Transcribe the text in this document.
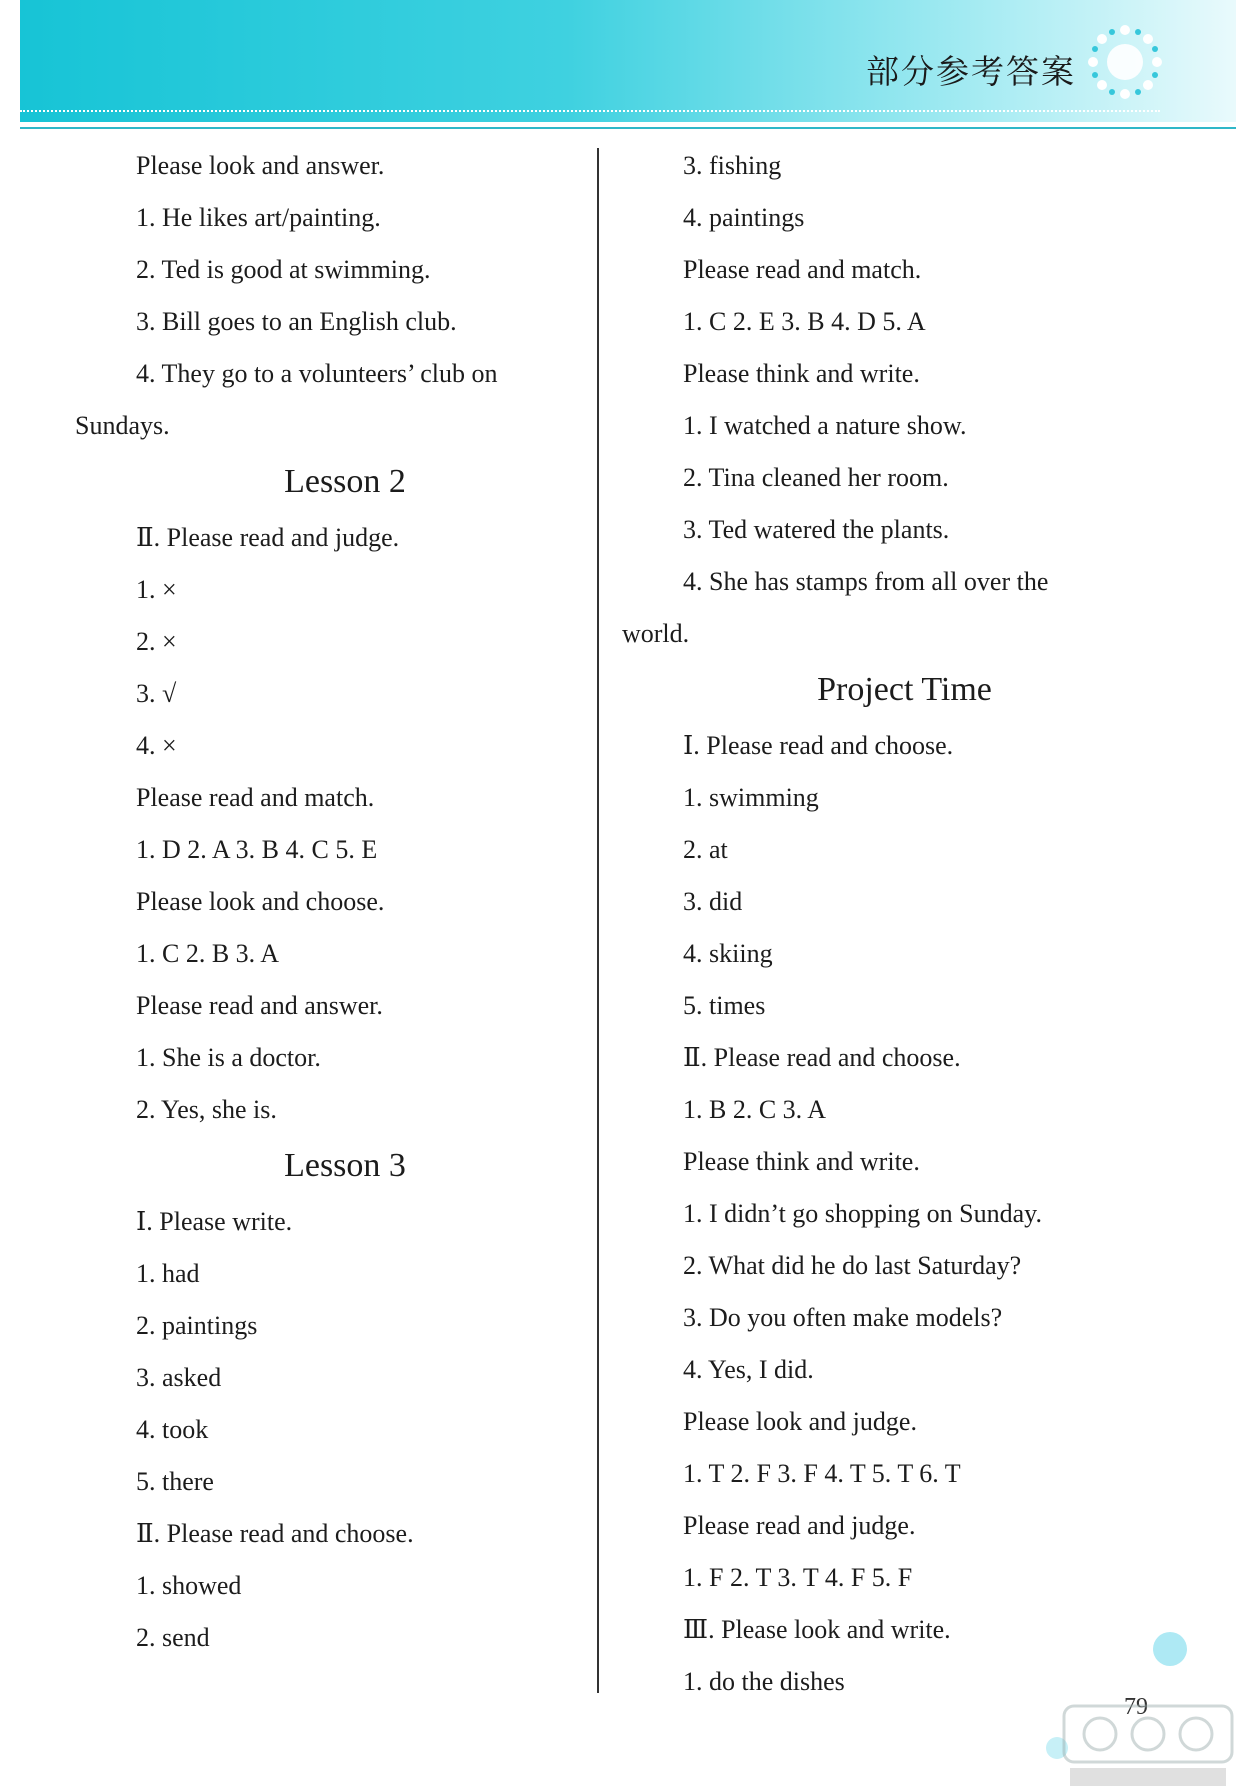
部分参考答案
Please look and answer.
1. He likes art/painting.
2. Ted is good at swimming.
3. Bill goes to an English club.
4. They go to a volunteers’ club on
Sundays.
Lesson 2
Ⅱ. Please read and judge.
1. ×
2. ×
3. √
4. ×
Please read and match.
1. D 2. A 3. B 4. C 5. E
Please look and choose.
1. C 2. B 3. A
Please read and answer.
1. She is a doctor.
2. Yes, she is.
Lesson 3
Ⅰ. Please write.
1. had
2. paintings
3. asked
4. took
5. there
Ⅱ. Please read and choose.
1. showed
2. send
3. fishing
4. paintings
Please read and match.
1. C 2. E 3. B 4. D 5. A
Please think and write.
1. I watched a nature show.
2. Tina cleaned her room.
3. Ted watered the plants.
4. She has stamps from all over the
world.
Project Time
Ⅰ. Please read and choose.
1. swimming
2. at
3. did
4. skiing
5. times
Ⅱ. Please read and choose.
1. B 2. C 3. A
Please think and write.
1. I didn’t go shopping on Sunday.
2. What did he do last Saturday?
3. Do you often make models?
4. Yes, I did.
Please look and judge.
1. T 2. F 3. F 4. T 5. T 6. T
Please read and judge.
1. F 2. T 3. T 4. F 5. F
Ⅲ. Please look and write.
1. do the dishes
79
